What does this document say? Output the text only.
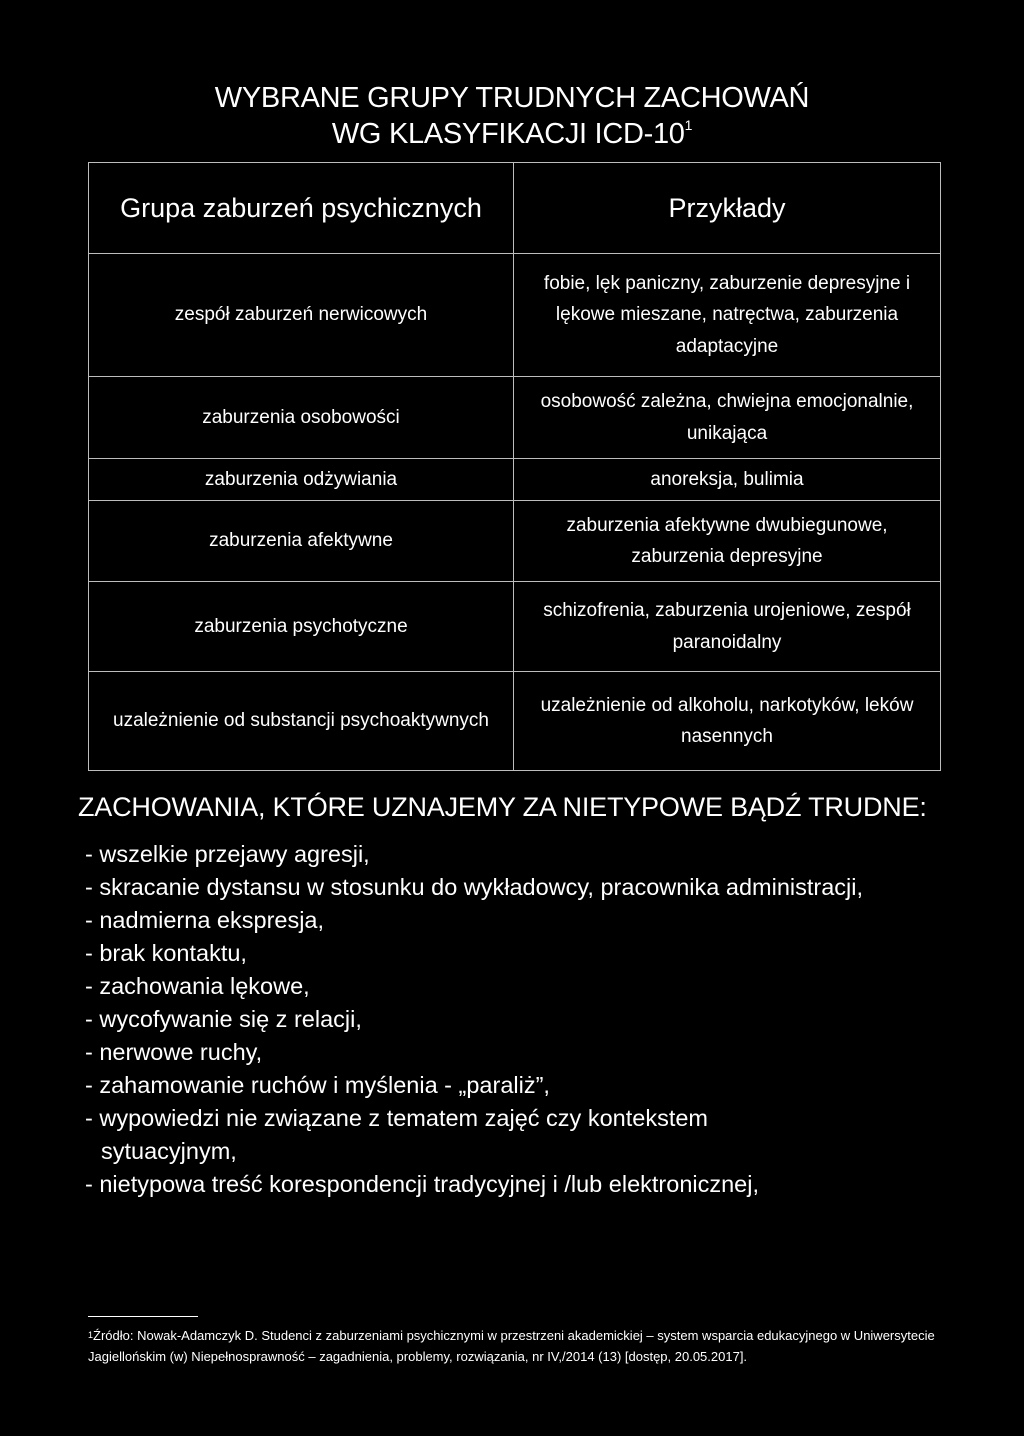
WYBRANE GRUPY TRUDNYCH ZACHOWAŃ
WG KLASYFIKACJI ICD-$10^1$
Grupa zaburzeń psychicznych	Przykłady
zespół zaburzeń nerwicowych	fobie, lęk paniczny, zaburzenie depresyjne i lękowe mieszane, natręctwa, zaburzenia adaptacyjne
zaburzenia osobowości	osobowość zależna, chwiejna emocjonalnie, unikająca
zaburzenia odżywiania	anoreksja, bulimia
zaburzenia afektywne	zaburzenia afektywne dwubiegunowe, zaburzenia depresyjne
zaburzenia psychotyczne	schizofrenia, zaburzenia urojeniowe, zespół paranoidalny
uzależnienie od substancji psychoaktywnych	uzależnienie od alkoholu, narkotyków, leków nasennych
ZACHOWANIA, KTÓRE UZNAJEMY ZA NIETYPOWE BĄDŹ TRUDNE:
- wszelkie przejawy agresji,
- skracanie dystansu w stosunku do wykładowcy, pracownika administracji,
- nadmierna ekspresja,
- brak kontaktu,
- zachowania lękowe,
- wycofywanie się z relacji,
- nerwowe ruchy,
- zahamowanie ruchów i myślenia - „paraliż”,
- wypowiedzi nie związane z tematem zajęć czy kontekstem
sytuacyjnym,
- nietypowa treść korespondencji tradycyjnej i /lub elektronicznej,
$^1$Źródło: Nowak-Adamczyk D. Studenci z zaburzeniami psychicznymi w przestrzeni akademickiej – system wsparcia edukacyjnego w Uniwersytecie Jagiellońskim (w) Niepełnosprawność – zagadnienia, problemy, rozwiązania, nr IV,/2014 (13) [dostęp, 20.05.2017].
